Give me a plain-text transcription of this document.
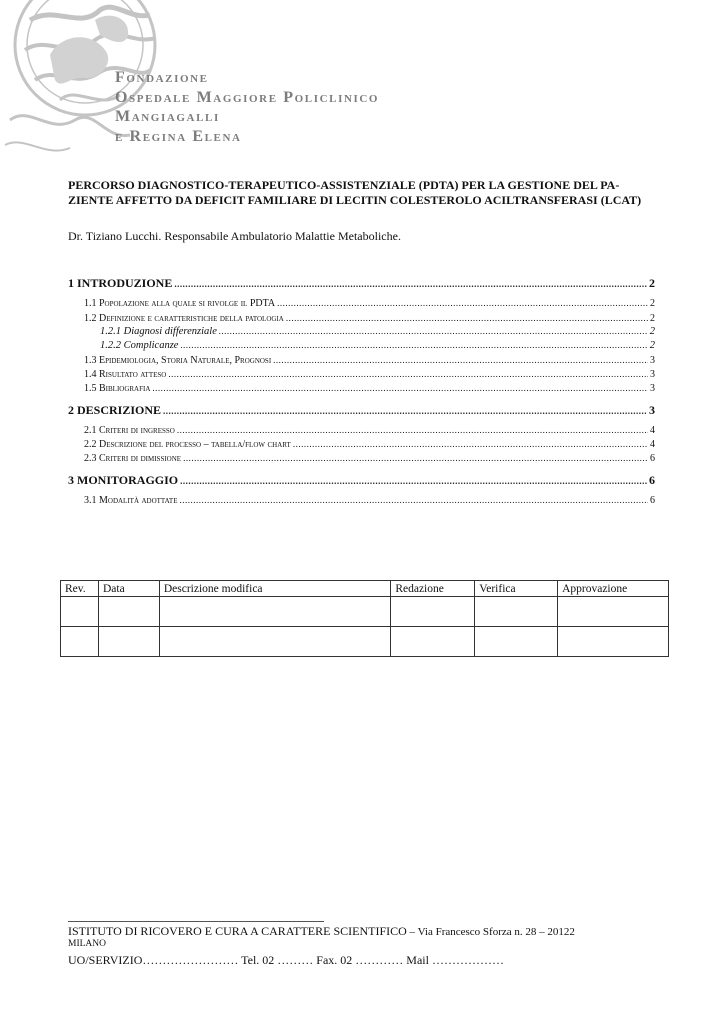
Fondazione
Ospedale Maggiore Policlinico
Mangiagalli
e Regina Elena
PERCORSO DIAGNOSTICO-TERAPEUTICO-ASSISTENZIALE (PDTA) PER LA GESTIONE DEL PA-ZIENTE AFFETTO DA DEFICIT FAMILIARE DI LECITIN COLESTEROLO ACILTRANSFERASI (LCAT)
Dr. Tiziano Lucchi. Responsabile Ambulatorio Malattie Metaboliche.
1 INTRODUZIONE .....	2
1.1 Popolazione alla quale si rivolge il PDTA .....	2
1.2 Definizione e caratteristiche della patologia .....	2
1.2.1 Diagnosi differenziale .....	2
1.2.2 Complicanze .....	2
1.3 Epidemiologia, Storia Naturale, Prognosi .....	3
1.4 Risultato atteso .....	3
1.5 Bibliografia .....	3
2 DESCRIZIONE .....	3
2.1 Criteri di ingresso .....	4
2.2 Descrizione del processo – tabella/flow chart .....	4
2.3 Criteri di dimissione .....	6
3 MONITORAGGIO .....	6
3.1 Modalità adottate .....	6
Rev.	Data	Descrizione modifica	Redazione	Verifica	Approvazione

ISTITUTO DI RICOVERO E CURA A CARATTERE SCIENTIFICO – Via Francesco Sforza n. 28 – 20122
MILANO
UO/SERVIZIO…………………… Tel. 02 ……… Fax. 02 ………… Mail ………………
